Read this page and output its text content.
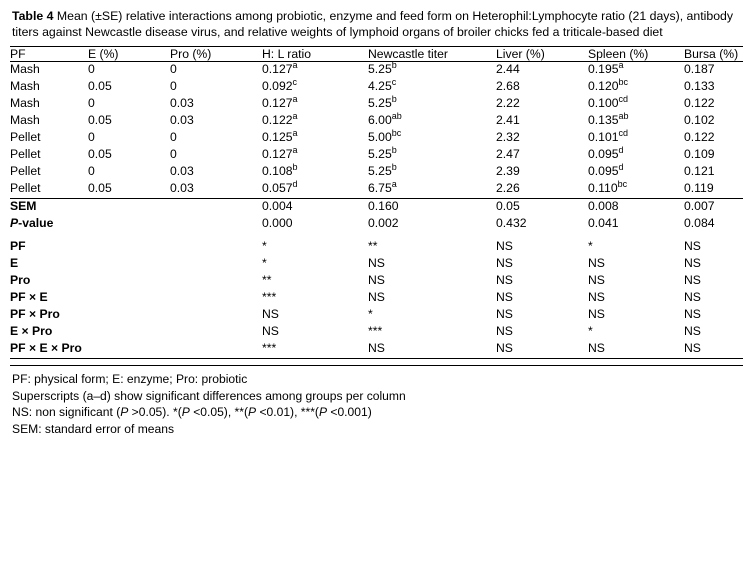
Table 4 Mean (±SE) relative interactions among probiotic, enzyme and feed form on Heterophil:Lymphocyte ratio (21 days), antibody titers against Newcastle disease virus, and relative weights of lymphoid organs of broiler chicks fed a triticale-based diet

PF	E (%)	Pro (%)	H: L ratio	Newcastle titer	Liver (%)	Spleen (%)	Bursa (%)
Mash	0	0	0.127$^a$	5.25$^b$	2.44	0.195$^a$	0.187
Mash	0.05	0	0.092$^c$	4.25$^c$	2.68	0.120$^{bc}$	0.133
Mash	0	0.03	0.127$^a$	5.25$^b$	2.22	0.100$^{cd}$	0.122
Mash	0.05	0.03	0.122$^a$	6.00$^{ab}$	2.41	0.135$^{ab}$	0.102
Pellet	0	0	0.125$^a$	5.00$^{bc}$	2.32	0.101$^{cd}$	0.122
Pellet	0.05	0	0.127$^a$	5.25$^b$	2.47	0.095$^d$	0.109
Pellet	0	0.03	0.108$^b$	5.25$^b$	2.39	0.095$^d$	0.121
Pellet	0.05	0.03	0.057$^d$	6.75$^a$	2.26	0.110$^{bc}$	0.119
SEM			0.004	0.160	0.05	0.008	0.007
P-value			0.000	0.002	0.432	0.041	0.084

PF			*	**	NS	*	NS
E			*	NS	NS	NS	NS
Pro			**	NS	NS	NS	NS
PF × E			***	NS	NS	NS	NS
PF × Pro			NS	*	NS	NS	NS
E × Pro			NS	***	NS	*	NS
PF × E × Pro			***	NS	NS	NS	NS
PF: physical form; E: enzyme; Pro: probiotic
Superscripts (a–d) show significant differences among groups per column
NS: non significant (P >0.05). *(P <0.05), **(P <0.01), ***(P <0.001)
SEM: standard error of means
